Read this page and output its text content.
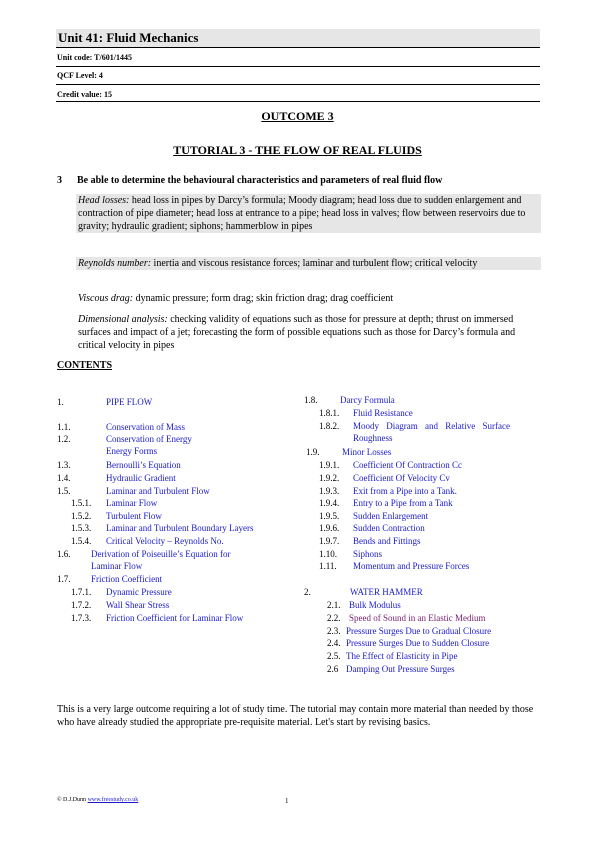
Unit 41: Fluid Mechanics
Unit code: T/601/1445
QCF Level: 4
Credit value: 15
OUTCOME 3
TUTORIAL 3 - THE FLOW OF REAL FLUIDS
3 Be able to determine the behavioural characteristics and parameters of real fluid flow
Head losses: head loss in pipes by Darcy’s formula; Moody diagram; head loss due to sudden enlargement and contraction of pipe diameter; head loss at entrance to a pipe; head loss in valves; flow between reservoirs due to gravity; hydraulic gradient; siphons; hammerblow in pipes
Reynolds number: inertia and viscous resistance forces; laminar and turbulent flow; critical velocity
Viscous drag: dynamic pressure; form drag; skin friction drag; drag coefficient
Dimensional analysis: checking validity of equations such as those for pressure at depth; thrust on immersed surfaces and impact of a jet; forecasting the form of possible equations such as those for Darcy’s formula and critical velocity in pipes
CONTENTS
1.	PIPE FLOW
1.1.	Conservation of Mass
1.2.	Conservation of Energy
Energy Forms
1.3.	Bernoulli’s Equation
1.4.	Hydraulic Gradient
1.5.	Laminar and Turbulent Flow
1.5.1. Laminar Flow
1.5.2. Turbulent Flow
1.5.3. Laminar and Turbulent Boundary Layers
1.5.4. Critical Velocity – Reynolds No.
1.6. Derivation of Poiseuille’s Equation for
Laminar Flow
1.7. Friction Coefficient
1.7.1. Dynamic Pressure
1.7.2. Wall Shear Stress
1.7.3. Friction Coefficient for Laminar Flow
1.8.	Darcy Formula
1.8.1. Fluid Resistance
1.8.2. Moody Diagram and Relative Surface
Roughness
1.9.	Minor Losses
1.9.1. Coefficient Of Contraction Cc
1.9.2. Coefficient Of Velocity Cv
1.9.3. Exit from a Pipe into a Tank.
1.9.4. Entry to a Pipe from a Tank
1.9.5. Sudden Enlargement
1.9.6. Sudden Contraction
1.9.7. Bends and Fittings
1.10. Siphons
1.11. Momentum and Pressure Forces
2.	WATER HAMMER
2.1. Bulk Modulus
2.2. Speed of Sound in an Elastic Medium
2.3. Pressure Surges Due to Gradual Closure
2.4. Pressure Surges Due to Sudden Closure
2.5. The Effect of Elasticity in Pipe
2.6 Damping Out Pressure Surges
This is a very large outcome requiring a lot of study time. The tutorial may contain more material than needed by those who have already studied the appropriate pre-requisite material. Let's start by revising basics.
© D.J.Dunn www.freestudy.co.uk	1
